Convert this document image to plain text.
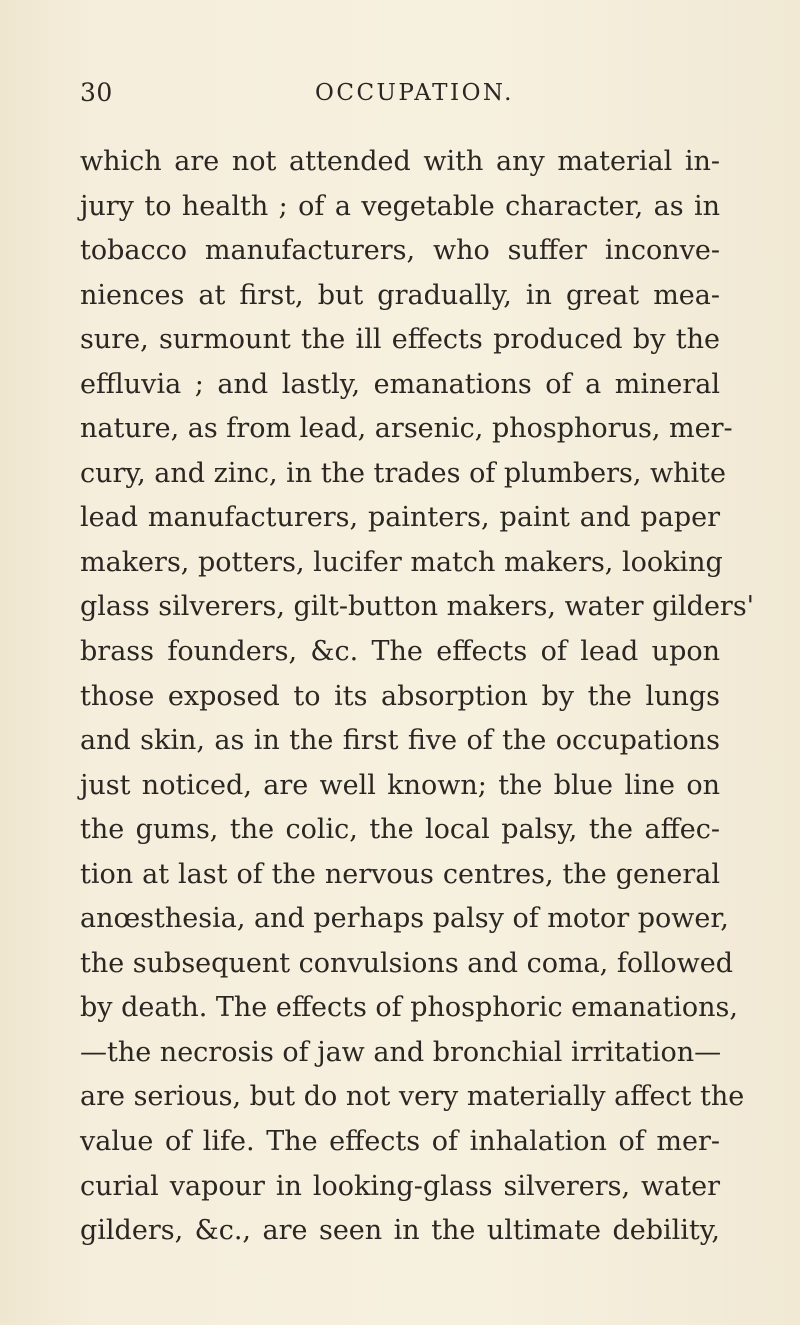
30	OCCUPATION.
which are not attended with any material in-
jury to health ; of a vegetable character, as in
tobacco manufacturers, who suffer inconve-
niences at first, but gradually, in great mea-
sure, surmount the ill effects produced by the
effluvia ; and lastly, emanations of a mineral
nature, as from lead, arsenic, phosphorus, mer-
cury, and zinc, in the trades of plumbers, white
lead manufacturers, painters, paint and paper
makers, potters, lucifer match makers, looking
glass silverers, gilt-button makers, water gilders'
brass founders, &c. The effects of lead upon
those exposed to its absorption by the lungs
and skin, as in the first five of the occupations
just noticed, are well known; the blue line on
the gums, the colic, the local palsy, the affec-
tion at last of the nervous centres, the general
anœsthesia, and perhaps palsy of motor power,
the subsequent convulsions and coma, followed
by death. The effects of phosphoric emanations,
—the necrosis of jaw and bronchial irritation—
are serious, but do not very materially affect the
value of life. The effects of inhalation of mer-
curial vapour in looking-glass silverers, water
gilders, &c., are seen in the ultimate debility,
